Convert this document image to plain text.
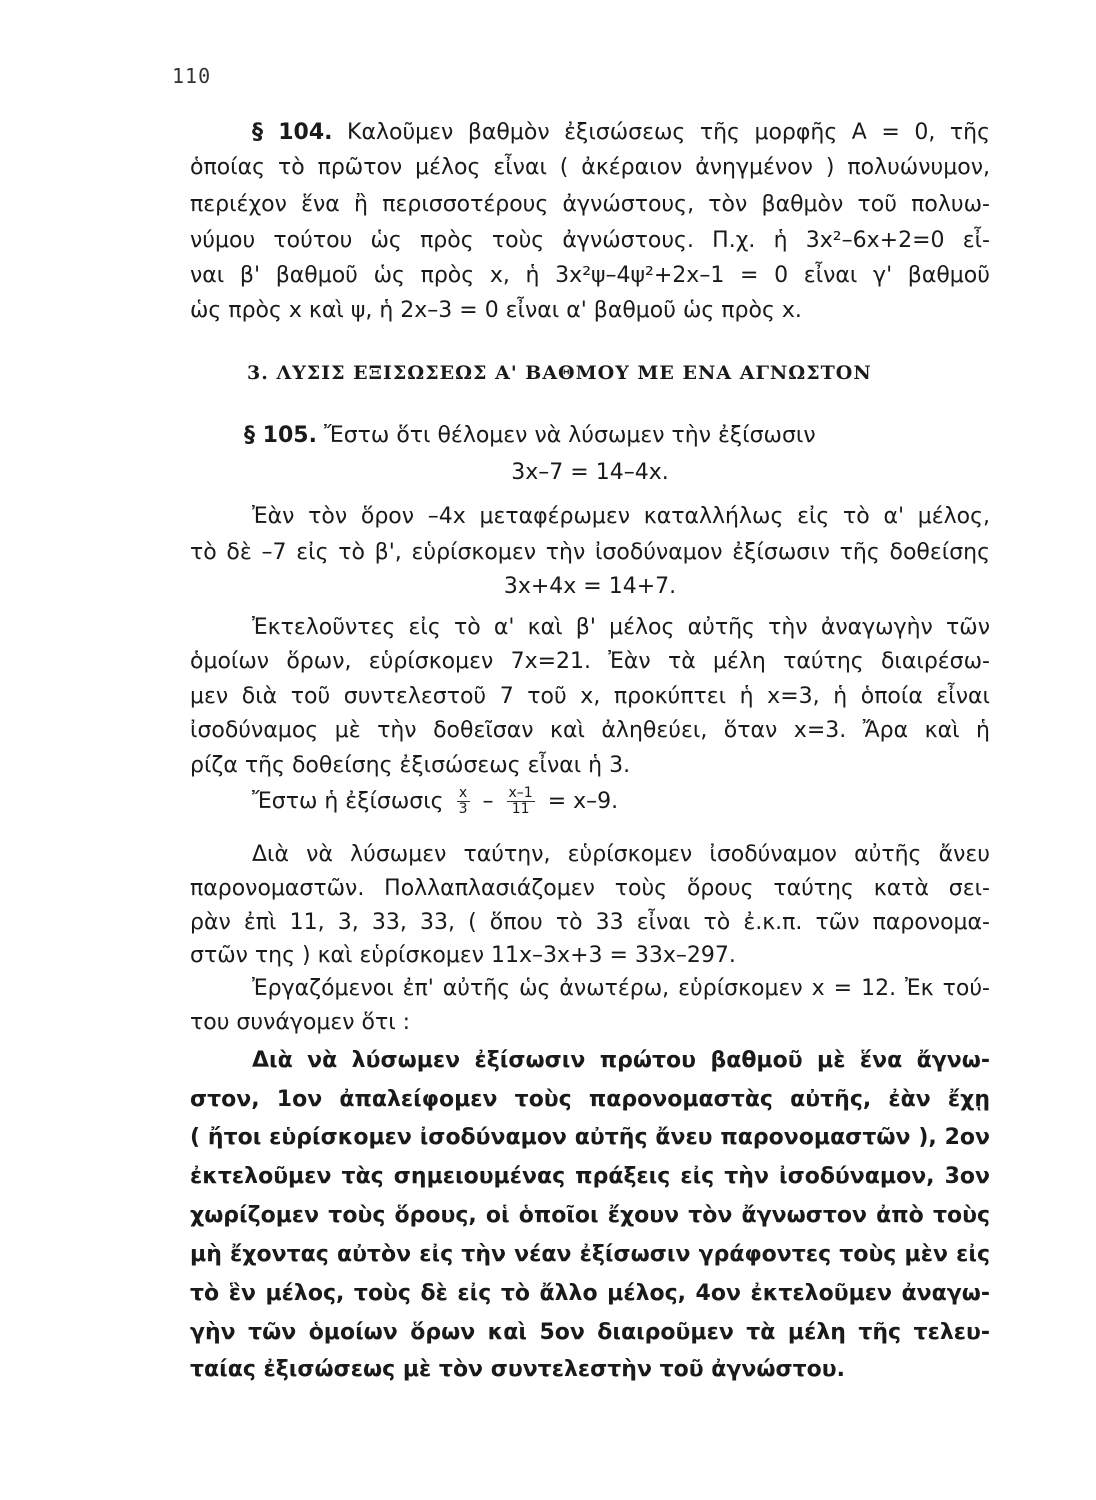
110
§ 104. Καλοῦμεν βαθμὸν ἐξισώσεως τῆς μορφῆς Α = 0, τῆς
ὁποίας τὸ πρῶτον μέλος εἶναι ( ἀκέραιον ἀνηγμένον ) πολυώνυμον,
περιέχον ἕνα ἢ περισσοτέρους ἀγνώστους, τὸν βαθμὸν τοῦ πολυω-
νύμου τούτου ὡς πρὸς τοὺς ἀγνώστους. Π.χ. ἡ 3x²–6x+2=0 εἶ-
ναι β' βαθμοῦ ὡς πρὸς x, ἡ 3x²ψ–4ψ²+2x–1 = 0 εἶναι γ' βαθμοῦ
ὡς πρὸς x καὶ ψ, ἡ 2x–3 = 0 εἶναι α' βαθμοῦ ὡς πρὸς x.
3. ΛΥΣΙΣ ΕΞΙΣΩΣΕΩΣ Α' ΒΑΘΜΟΥ ΜΕ ΕΝΑ ΑΓΝΩΣΤΟΝ
§ 105. Ἔστω ὅτι θέλομεν νὰ λύσωμεν τὴν ἐξίσωσιν
3x–7 = 14–4x.
Ἐὰν τὸν ὅρον –4x μεταφέρωμεν καταλλήλως εἰς τὸ α' μέλος,
τὸ δὲ –7 εἰς τὸ β', εὑρίσκομεν τὴν ἰσοδύναμον ἐξίσωσιν τῆς δοθείσης
3x+4x = 14+7.
Ἐκτελοῦντες εἰς τὸ α' καὶ β' μέλος αὐτῆς τὴν ἀναγωγὴν τῶν
ὁμοίων ὅρων, εὑρίσκομεν 7x=21. Ἐὰν τὰ μέλη ταύτης διαιρέσω-
μεν διὰ τοῦ συντελεστοῦ 7 τοῦ x, προκύπτει ἡ x=3, ἡ ὁποία εἶναι
ἰσοδύναμος μὲ τὴν δοθεῖσαν καὶ ἀληθεύει, ὅταν x=3. Ἄρα καὶ ἡ
ρίζα τῆς δοθείσης ἐξισώσεως εἶναι ἡ 3.
Ἔστω ἡ ἐξίσωσις $\frac{x}{3} - \frac{x-1}{11} = x-9$.
Διὰ νὰ λύσωμεν ταύτην, εὑρίσκομεν ἰσοδύναμον αὐτῆς ἄνευ
παρονομαστῶν. Πολλαπλασιάζομεν τοὺς ὅρους ταύτης κατὰ σει-
ρὰν ἐπὶ 11, 3, 33, 33, ( ὅπου τὸ 33 εἶναι τὸ ἐ.κ.π. τῶν παρονομα-
στῶν της ) καὶ εὑρίσκομεν 11x–3x+3 = 33x–297.
Ἐργαζόμενοι ἐπ' αὐτῆς ὡς ἀνωτέρω, εὑρίσκομεν x = 12. Ἐκ τού-
του συνάγομεν ὅτι :
Διὰ νὰ λύσωμεν ἐξίσωσιν πρώτου βαθμοῦ μὲ ἕνα ἄγνω-
στον, 1ον ἀπαλείφομεν τοὺς παρονομαστὰς αὐτῆς, ἐὰν ἔχῃ
( ἤτοι εὑρίσκομεν ἰσοδύναμον αὐτῆς ἄνευ παρονομαστῶν ), 2ον
ἐκτελοῦμεν τὰς σημειουμένας πράξεις εἰς τὴν ἰσοδύναμον, 3ον
χωρίζομεν τοὺς ὅρους, οἱ ὁποῖοι ἔχουν τὸν ἄγνωστον ἀπὸ τοὺς
μὴ ἔχοντας αὐτὸν εἰς τὴν νέαν ἐξίσωσιν γράφοντες τοὺς μὲν εἰς
τὸ ἓν μέλος, τοὺς δὲ εἰς τὸ ἄλλο μέλος, 4ον ἐκτελοῦμεν ἀναγω-
γὴν τῶν ὁμοίων ὅρων καὶ 5ον διαιροῦμεν τὰ μέλη τῆς τελευ-
ταίας ἐξισώσεως μὲ τὸν συντελεστὴν τοῦ ἀγνώστου.
